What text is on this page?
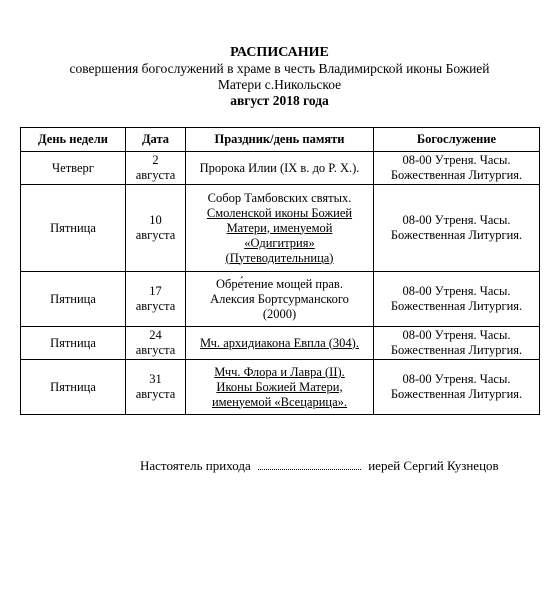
РАСПИСАНИЕ
совершения богослужений в храме в честь Владимирской иконы Божией
Матери с.Никольское
август 2018 года
День недели	Дата	Праздник/день памяти	Богослужение
Четверг	2
августа	Пророка Илии (IX в. до Р. Х.).	08-00 Утреня. Часы.
Божественная Литургия.

Пятница	10
августа	Собор Тамбовских святых.
Смоленской иконы Божией
Матери, именуемой
«Одигитрия»
(Путеводительница)	08-00 Утреня. Часы.
Божественная Литургия.

Пятница	17
августа	Обре́тение мощей прав.
Алексия Бортсурманского
(2000)	08-00 Утреня. Часы.
Божественная Литургия.

Пятница	24
августа	Мч. архидиакона Евпла (304).	08-00 Утреня. Часы.
Божественная Литургия.

Пятница	31
августа	Мчч. Флора и Лавра (II).
Иконы Божией Матери,
именуемой «Всецарица».	08-00 Утреня. Часы.
Божественная Литургия.
Настоятель прихода	иерей Сергий Кузнецов
